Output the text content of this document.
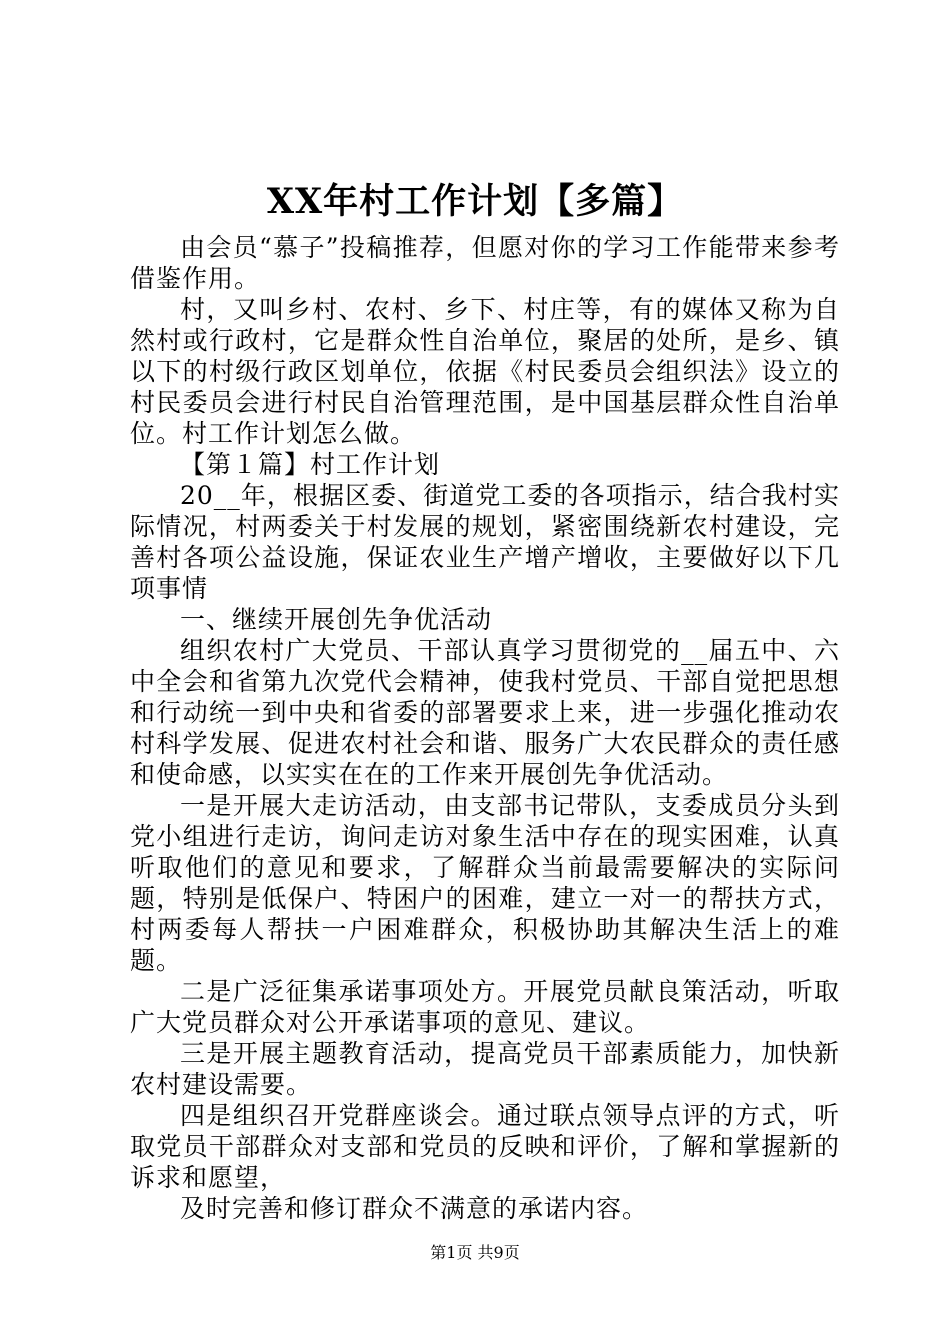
XX年村工作计划【多篇】

由会员“慕子”投稿推荐，但愿对你的学习工作能带来参考借鉴作用。

村，又叫乡村、农村、乡下、村庄等，有的媒体又称为自然村或行政村，它是群众性自治单位，聚居的处所，是乡、镇以下的村级行政区划单位，依据《村民委员会组织法》设立的村民委员会进行村民自治管理范围，是中国基层群众性自治单位。村工作计划怎么做。

【第１篇】村工作计划

20__年，根据区委、街道党工委的各项指示，结合我村实际情况，村两委关于村发展的规划，紧密围绕新农村建设，完善村各项公益设施，保证农业生产增产增收，主要做好以下几项事情

一、继续开展创先争优活动

组织农村广大党员、干部认真学习贯彻党的__届五中、六中全会和省第九次党代会精神，使我村党员、干部自觉把思想和行动统一到中央和省委的部署要求上来，进一步强化推动农村科学发展、促进农村社会和谐、服务广大农民群众的责任感和使命感，以实实在在的工作来开展创先争优活动。

一是开展大走访活动，由支部书记带队，支委成员分头到党小组进行走访，询问走访对象生活中存在的现实困难，认真听取他们的意见和要求，了解群众当前最需要解决的实际问题，特别是低保户、特困户的困难，建立一对一的帮扶方式，村两委每人帮扶一户困难群众，积极协助其解决生活上的难题。

二是广泛征集承诺事项处方。开展党员献良策活动，听取广大党员群众对公开承诺事项的意见、建议。

三是开展主题教育活动，提高党员干部素质能力，加快新农村建设需要。

四是组织召开党群座谈会。通过联点领导点评的方式，听取党员干部群众对支部和党员的反映和评价，了解和掌握新的诉求和愿望，

及时完善和修订群众不满意的承诺内容。

第1页 共9页
